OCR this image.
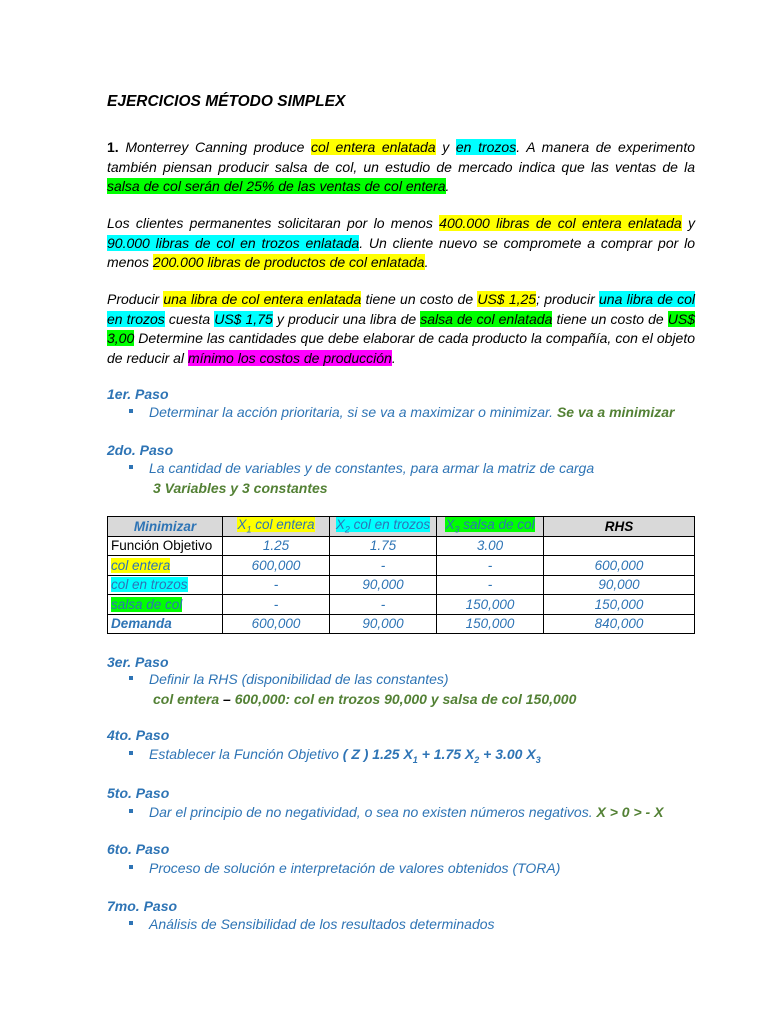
EJERCICIOS MÉTODO SIMPLEX
1. Monterrey Canning produce col entera enlatada y en trozos. A manera de experimento también piensan producir salsa de col, un estudio de mercado indica que las ventas de la salsa de col serán del 25% de las ventas de col entera.
Los clientes permanentes solicitaran por lo menos 400.000 libras de col entera enlatada y 90.000 libras de col en trozos enlatada. Un cliente nuevo se compromete a comprar por lo menos 200.000 libras de productos de col enlatada.
Producir una libra de col entera enlatada tiene un costo de US$ 1,25; producir una libra de col en trozos cuesta US$ 1,75 y producir una libra de salsa de col enlatada tiene un costo de US$ 3,00 Determine las cantidades que debe elaborar de cada producto la compañía, con el objeto de reducir al mínimo los costos de producción.
1er. Paso
Determinar la acción prioritaria, si se va a maximizar o minimizar. Se va a minimizar
2do. Paso
La cantidad de variables y de constantes, para armar la matriz de carga
3 Variables y 3 constantes
3er. Paso
Definir la RHS (disponibilidad de las constantes)
col entera – 600,000: col en trozos 90,000 y salsa de col 150,000
4to. Paso
Establecer la Función Objetivo ( Z ) 1.25 $X_1 + 1.75$ $X_2 + 3.00$ $X_3$
5to. Paso
Dar el principio de no negatividad, o sea no existen números negativos. X > 0 > - X
6to. Paso
Proceso de solución e interpretación de valores obtenidos (TORA)
7mo. Paso
Análisis de Sensibilidad de los resultados determinados
Minimizar	$X_1$ col entera	$X_2$ col en trozos	$X_3$ salsa de col	RHS
Función Objetivo	1.25	1.75	3.00	
col entera	600,000	-	-	600,000
col en trozos	-	90,000	-	90,000
salsa de col	-	-	150,000	150,000
Demanda	600,000	90,000	150,000	840,000
